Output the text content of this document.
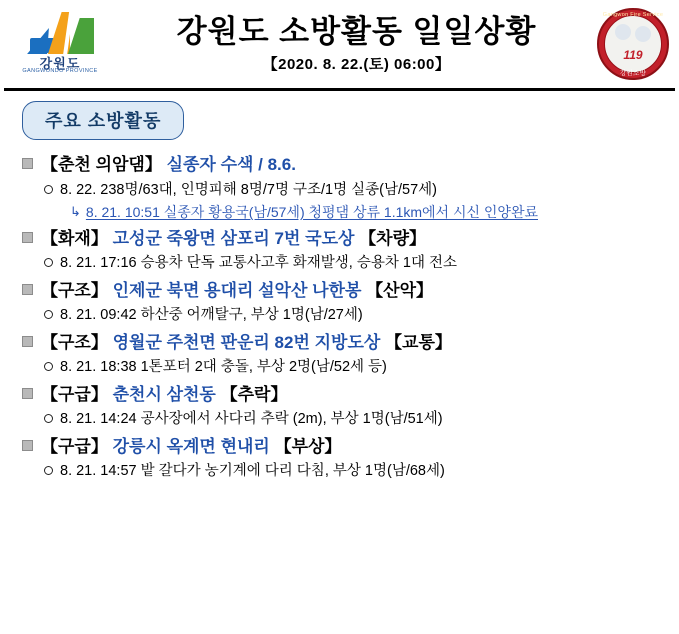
강원도
GANGWONDO PROVINCE
강원도 소방활동 일일상황
【2020. 8. 22.(토) 06:00】
Gangwon Fire Service
119
강원소방
주요 소방활동
【춘천 의암댐】 실종자 수색 / 8.6.
8. 22. 238명/63대, 인명피해 8명/7명 구조/1명 실종(남/57세)
↳ 8. 21. 10:51 실종자 황용국(남/57세) 청평댐 상류 1.1km에서 시신 인양완료
【화재】 고성군 죽왕면 삼포리 7번 국도상 【차량】
8. 21. 17:16 승용차 단독 교통사고후 화재발생, 승용차 1대 전소
【구조】 인제군 북면 용대리 설악산 나한봉 【산악】
8. 21. 09:42 하산중 어깨탈구, 부상 1명(남/27세)
【구조】 영월군 주천면 판운리 82번 지방도상 【교통】
8. 21. 18:38 1톤포터 2대 충돌, 부상 2명(남/52세 등)
【구급】 춘천시 삼천동 【추락】
8. 21. 14:24 공사장에서 사다리 추락 (2m), 부상 1명(남/51세)
【구급】 강릉시 옥계면 현내리 【부상】
8. 21. 14:57 밭 갈다가 농기계에 다리 다침, 부상 1명(남/68세)
